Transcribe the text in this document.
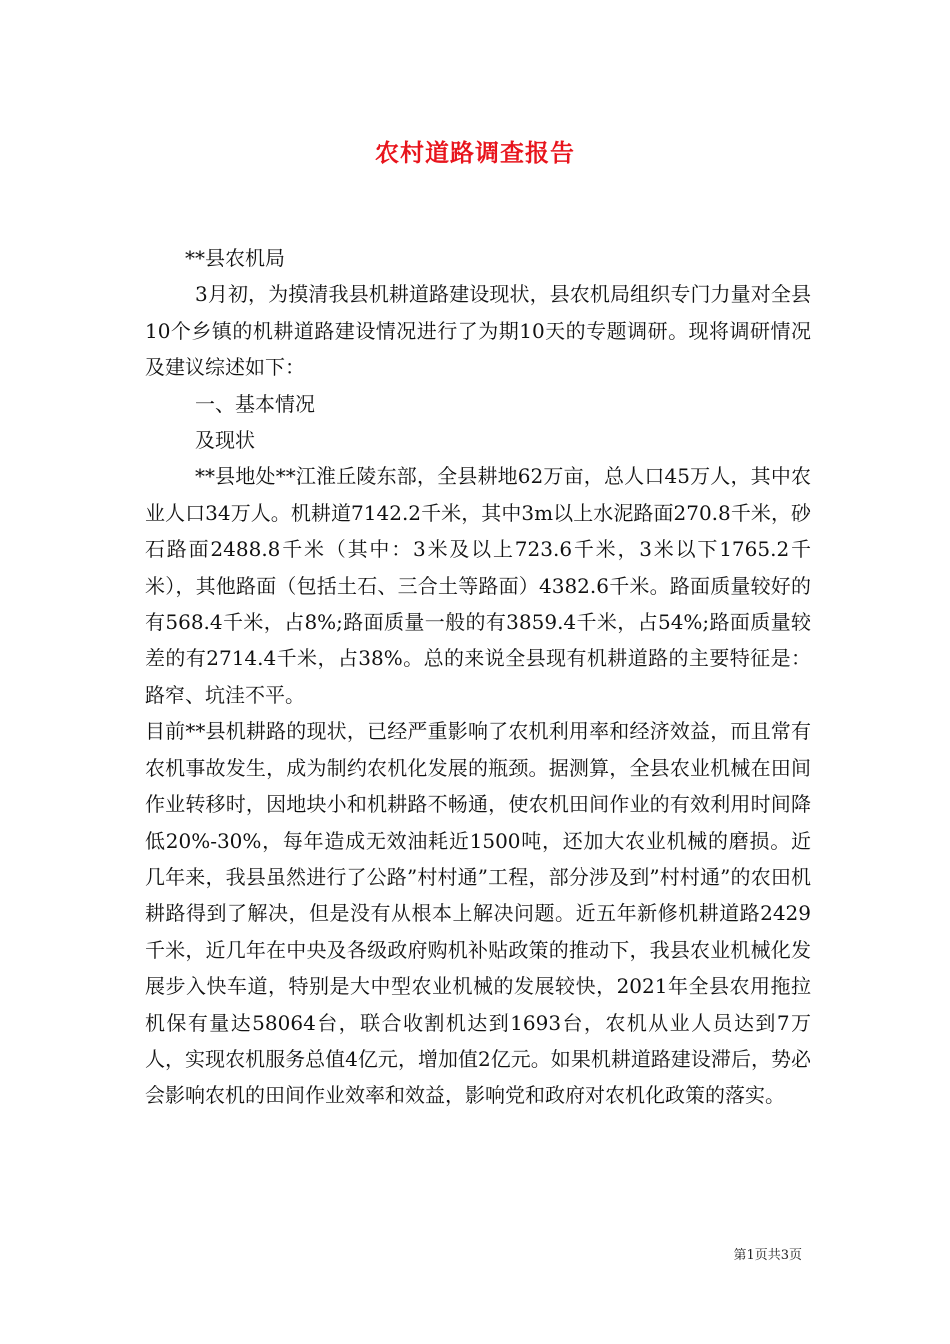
农村道路调查报告

**县农机局

3月初，为摸清我县机耕道路建设现状，县农机局组织专门力量对全县10个乡镇的机耕道路建设情况进行了为期10天的专题调研。现将调研情况及建议综述如下：

一、基本情况

及现状

**县地处**江淮丘陵东部，全县耕地62万亩，总人口45万人，其中农业人口34万人。机耕道7142.2千米，其中3m以上水泥路面270.8千米，砂石路面2488.8千米（其中：3米及以上723.6千米，3米以下1765.2千米），其他路面（包括土石、三合土等路面）4382.6千米。路面质量较好的有568.4千米，占8%;路面质量一般的有3859.4千米，占54%;路面质量较差的有2714.4千米，占38%。总的来说全县现有机耕道路的主要特征是：路窄、坑洼不平。

目前**县机耕路的现状，已经严重影响了农机利用率和经济效益，而且常有农机事故发生，成为制约农机化发展的瓶颈。据测算，全县农业机械在田间作业转移时，因地块小和机耕路不畅通，使农机田间作业的有效利用时间降低20%-30%，每年造成无效油耗近1500吨，还加大农业机械的磨损。近几年来，我县虽然进行了公路”村村通”工程，部分涉及到”村村通”的农田机耕路得到了解决，但是没有从根本上解决问题。近五年新修机耕道路2429千米，近几年在中央及各级政府购机补贴政策的推动下，我县农业机械化发展步入快车道，特别是大中型农业机械的发展较快，2021年全县农用拖拉机保有量达58064台，联合收割机达到1693台，农机从业人员达到7万人，实现农机服务总值4亿元，增加值2亿元。如果机耕道路建设滞后，势必会影响农机的田间作业效率和效益，影响党和政府对农机化政策的落实。

第1页共3页
